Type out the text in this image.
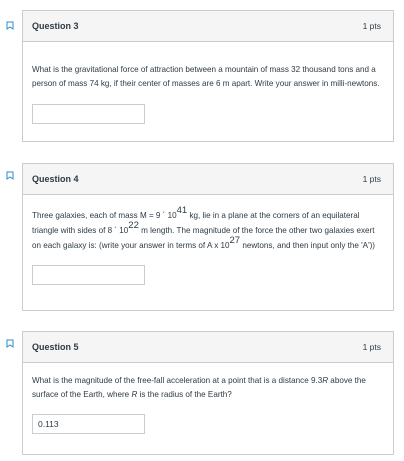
Question 3	1 pts

What is the gravitational force of attraction between a mountain of mass 32 thousand tons and a person of mass 74 kg, if their center of masses are 6 m apart. Write your answer in milli-newtons.

Question 4	1 pts

Three galaxies, each of mass M = 9 ´ $10^{41}$ kg, lie in a plane at the corners of an equilateral triangle with sides of 8 ´ $10^{22}$ m length. The magnitude of the force the other two galaxies exert on each galaxy is: (write your answer in terms of A x $10^{27}$ newtons, and then input only the 'A'))

Question 5	1 pts

What is the magnitude of the free-fall acceleration at a point that is a distance 9.3R above the surface of the Earth, where R is the radius of the Earth?

0.113
